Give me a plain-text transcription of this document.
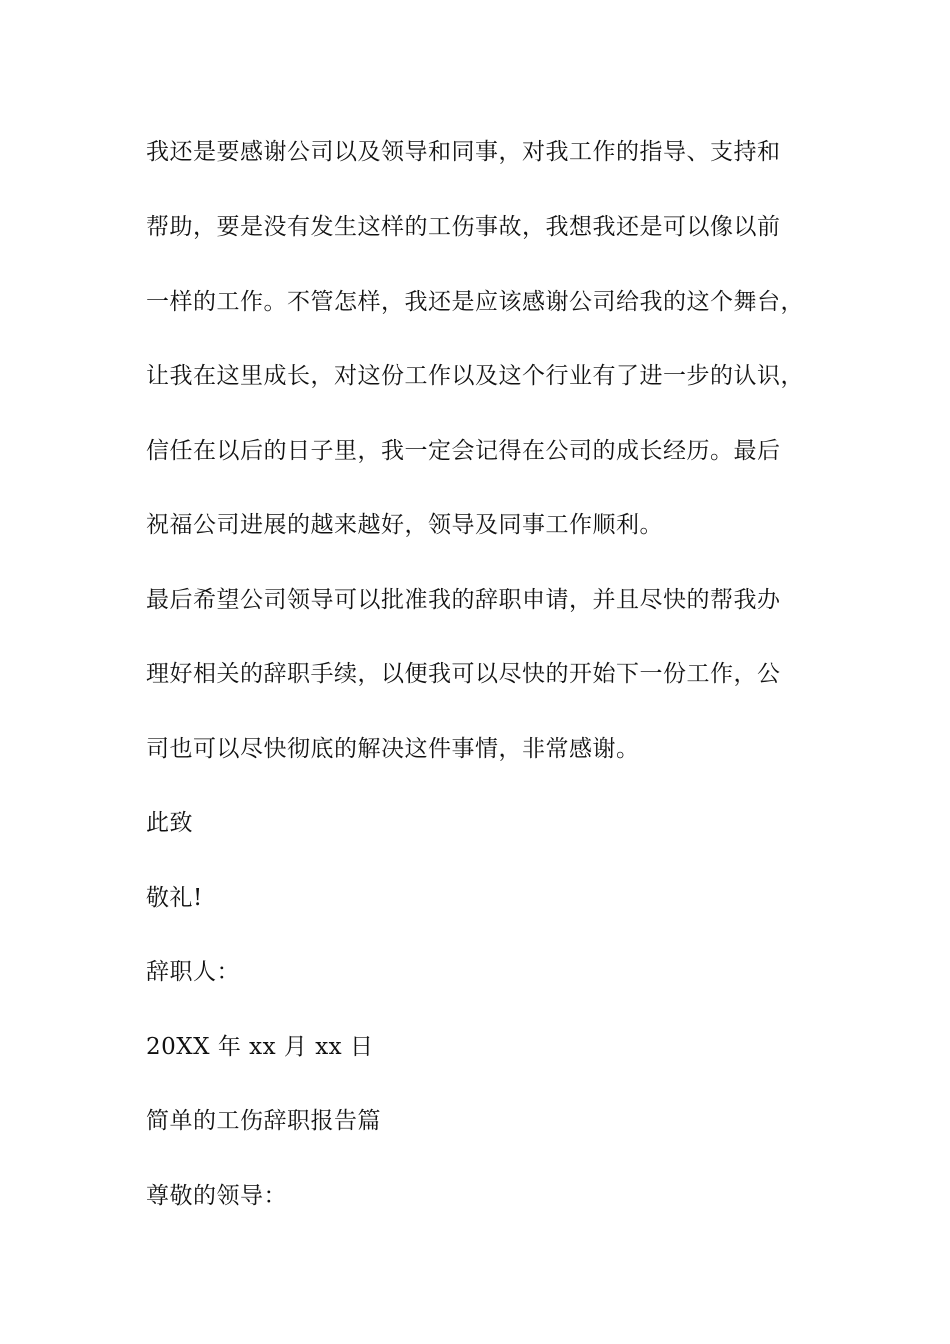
我还是要感谢公司以及领导和同事，对我工作的指导、支持和
帮助，要是没有发生这样的工伤事故，我想我还是可以像以前
一样的工作。不管怎样，我还是应该感谢公司给我的这个舞台，
让我在这里成长，对这份工作以及这个行业有了进一步的认识，
信任在以后的日子里，我一定会记得在公司的成长经历。最后
祝福公司进展的越来越好，领导及同事工作顺利。
最后希望公司领导可以批准我的辞职申请，并且尽快的帮我办
理好相关的辞职手续，以便我可以尽快的开始下一份工作，公
司也可以尽快彻底的解决这件事情，非常感谢。
此致
敬礼!
辞职人：
20XX 年 xx 月 xx 日
简单的工伤辞职报告篇
尊敬的领导：
